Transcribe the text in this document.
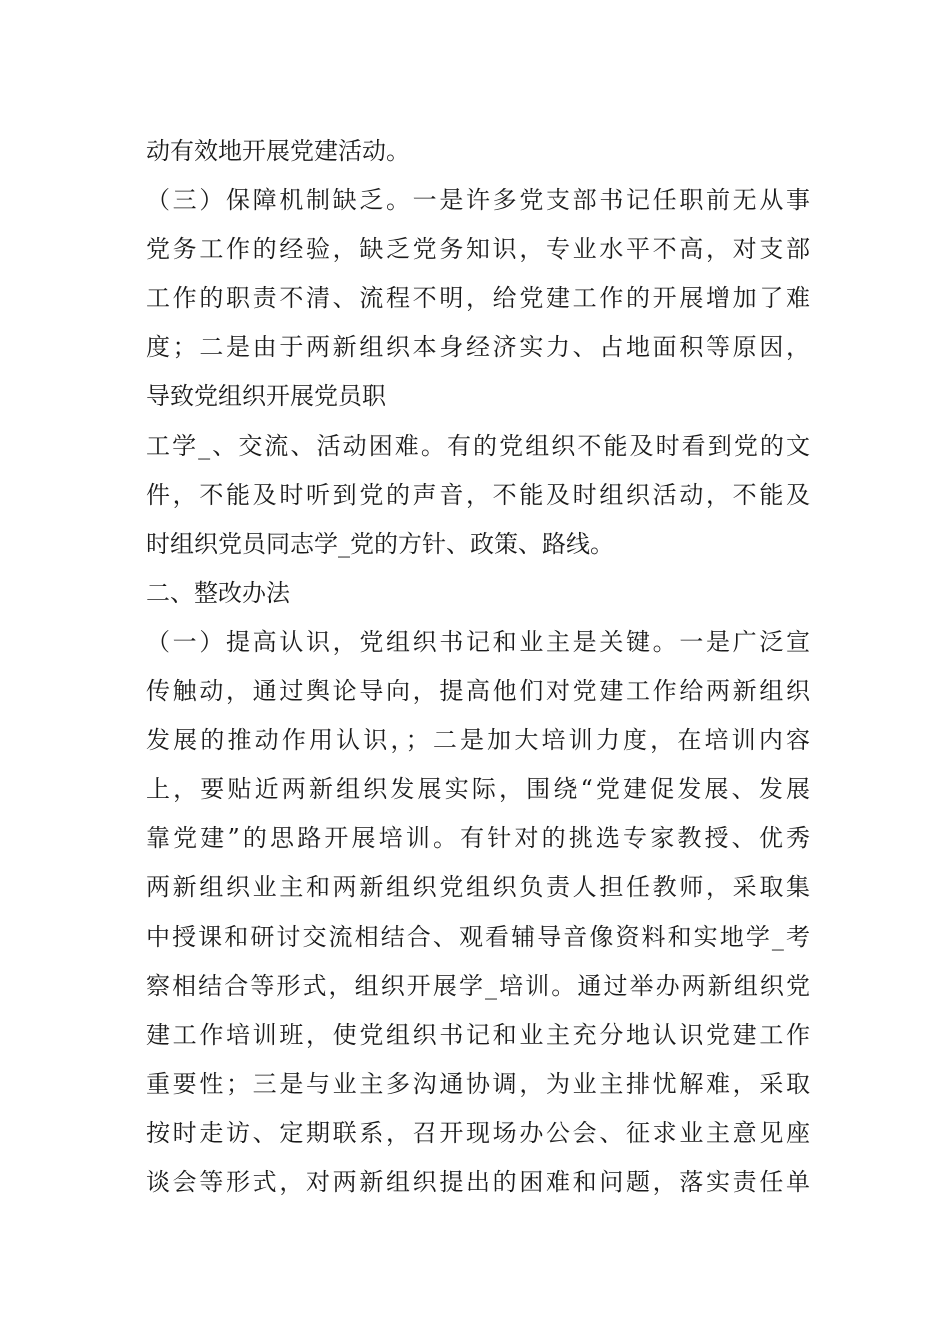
动有效地开展党建活动。
（三）保障机制缺乏。一是许多党支部书记任职前无从事
党务工作的经验，缺乏党务知识，专业水平不高，对支部
工作的职责不清、流程不明，给党建工作的开展增加了难
度；二是由于两新组织本身经济实力、占地面积等原因，
导致党组织开展党员职
工学_、交流、活动困难。有的党组织不能及时看到党的文
件，不能及时听到党的声音，不能及时组织活动，不能及
时组织党员同志学_党的方针、政策、路线。
二、整改办法
（一）提高认识，党组织书记和业主是关键。一是广泛宣
传触动，通过舆论导向，提高他们对党建工作给两新组织
发展的推动作用认识，；二是加大培训力度，在培训内容
上，要贴近两新组织发展实际，围绕“党建促发展、发展
靠党建”的思路开展培训。有针对的挑选专家教授、优秀
两新组织业主和两新组织党组织负责人担任教师，采取集
中授课和研讨交流相结合、观看辅导音像资料和实地学_考
察相结合等形式，组织开展学_培训。通过举办两新组织党
建工作培训班，使党组织书记和业主充分地认识党建工作
重要性；三是与业主多沟通协调，为业主排忧解难，采取
按时走访、定期联系，召开现场办公会、征求业主意见座
谈会等形式，对两新组织提出的困难和问题，落实责任单
